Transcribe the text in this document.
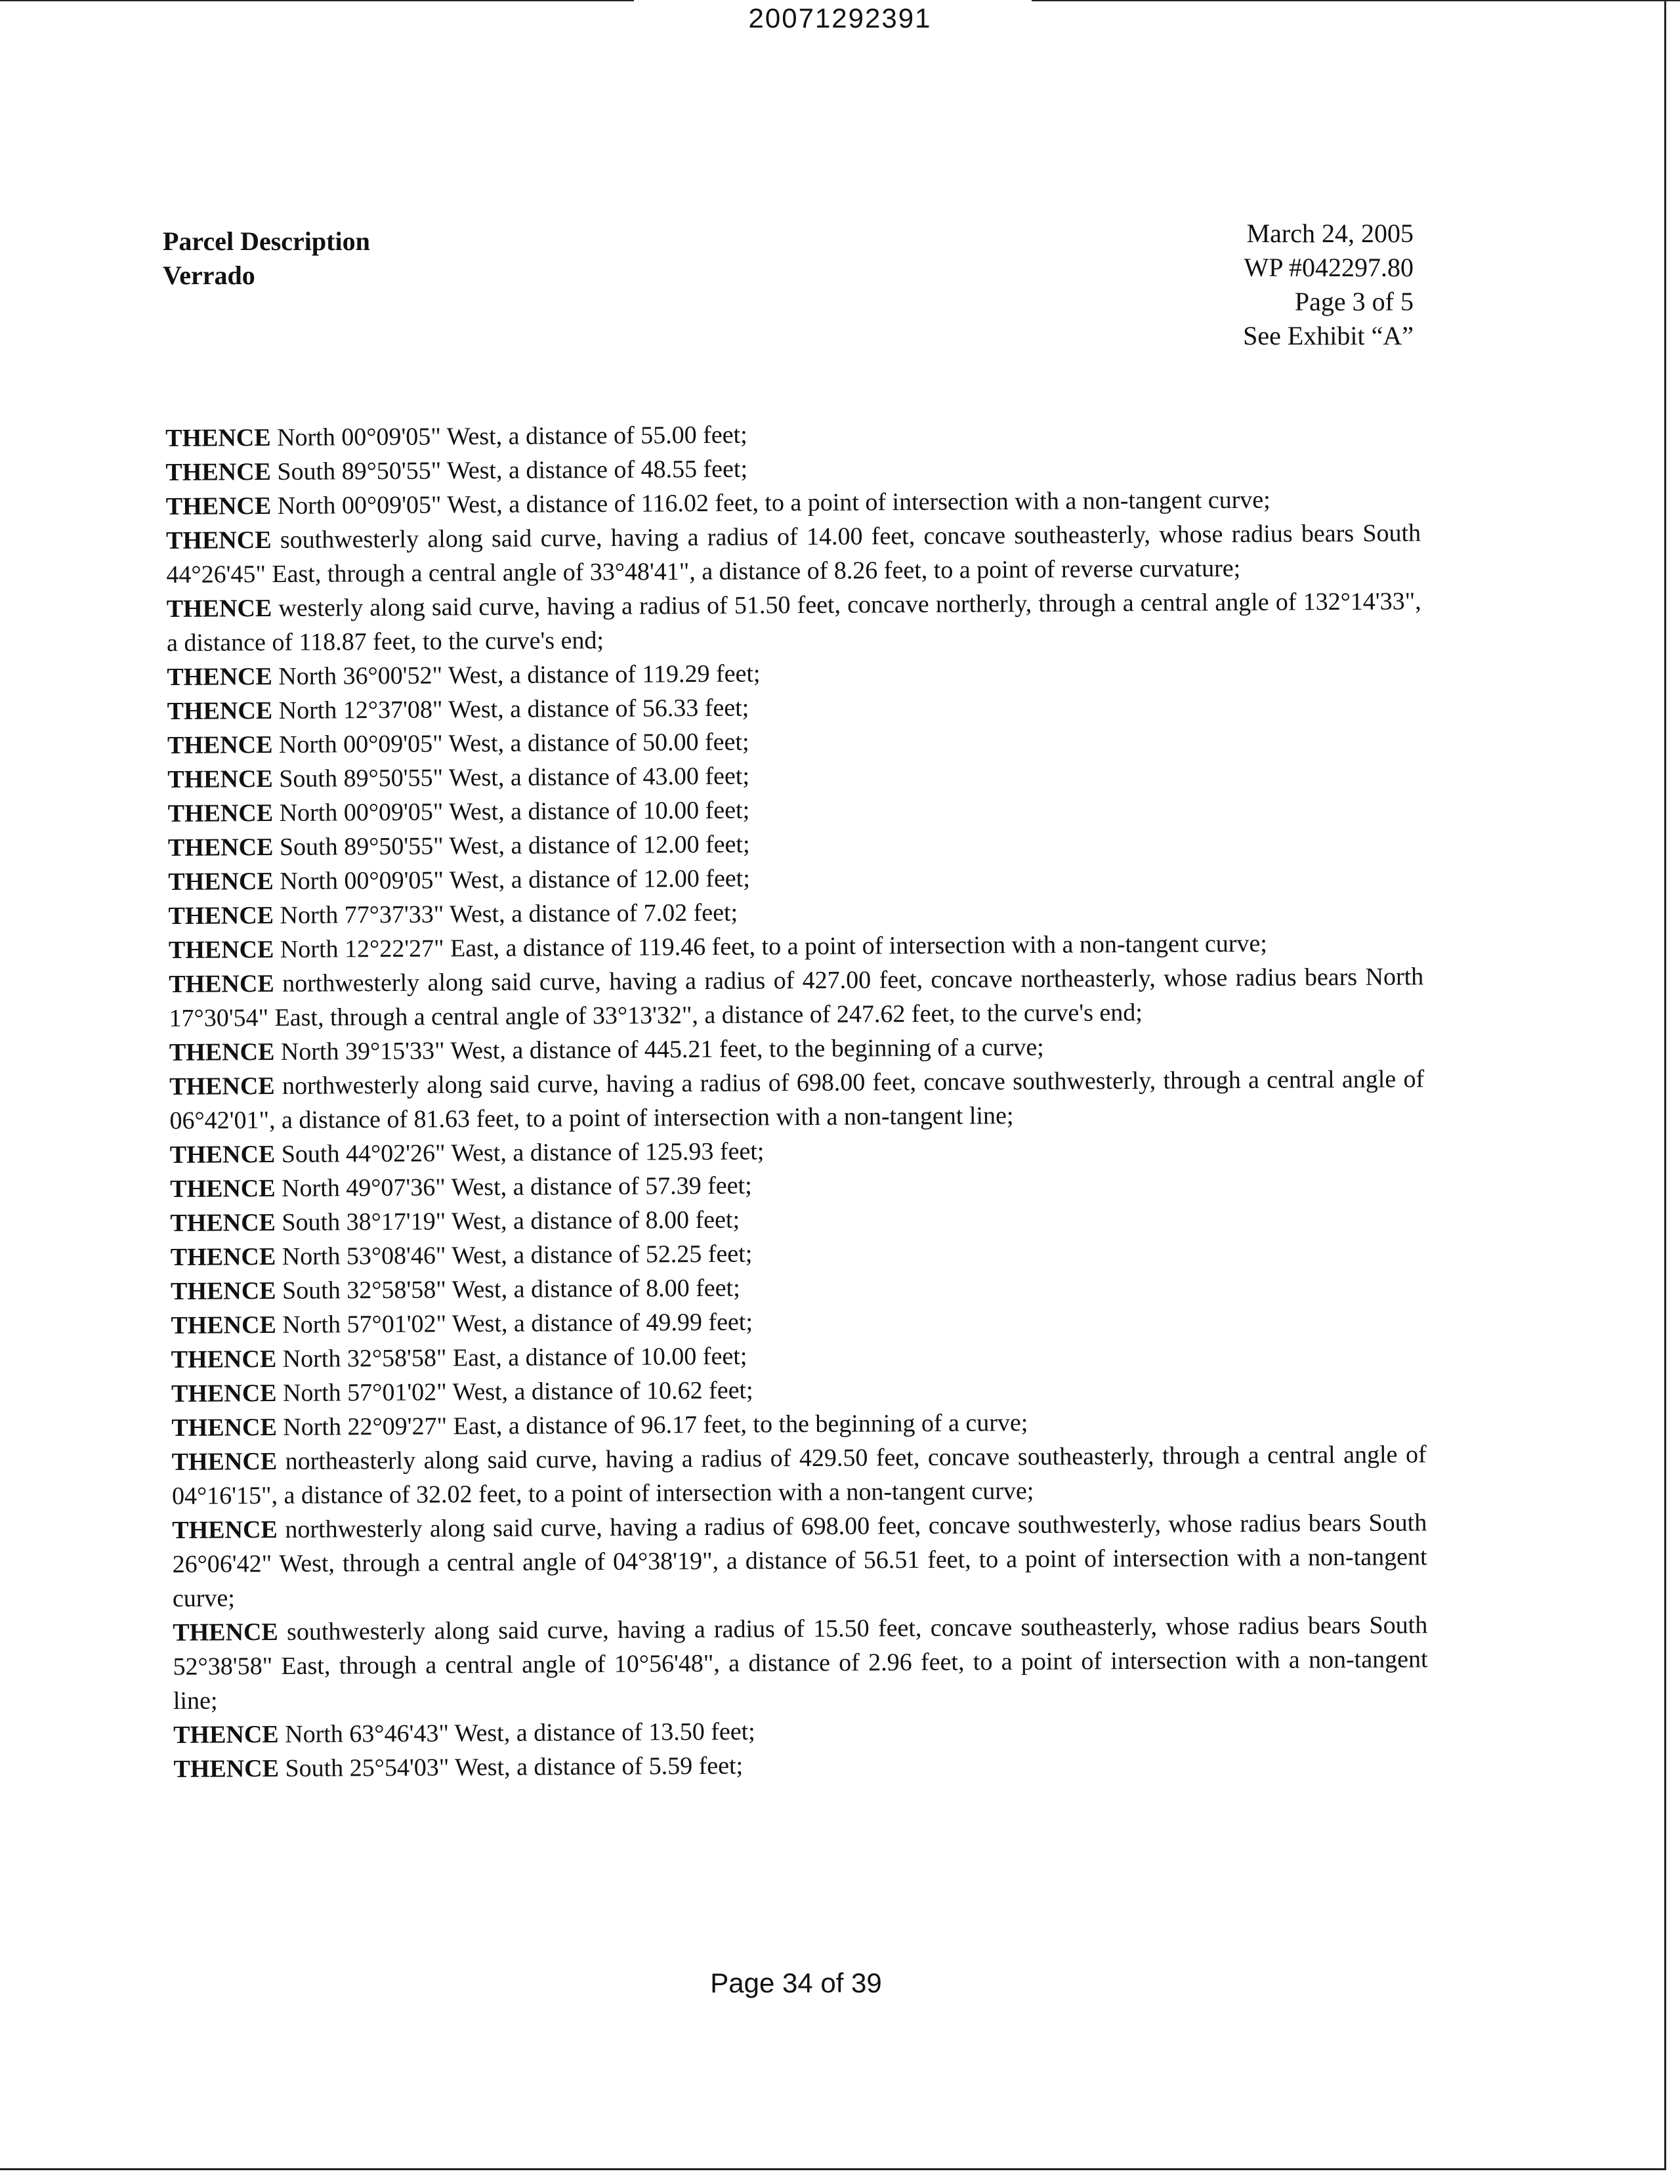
20071292391
Parcel Description
Verrado
March 24, 2005
WP #042297.80
Page 3 of 5
See Exhibit “A”

THENCE North 00°09'05" West, a distance of 55.00 feet;

THENCE South 89°50'55" West, a distance of 48.55 feet;

THENCE North 00°09'05" West, a distance of 116.02 feet, to a point of intersection with a non-tangent curve;

THENCE southwesterly along said curve, having a radius of 14.00 feet, concave southeasterly, whose radius bears South 44°26'45" East, through a central angle of 33°48'41", a distance of 8.26 feet, to a point of reverse curvature;

THENCE westerly along said curve, having a radius of 51.50 feet, concave northerly, through a central angle of 132°14'33", a distance of 118.87 feet, to the curve's end;

THENCE North 36°00'52" West, a distance of 119.29 feet;

THENCE North 12°37'08" West, a distance of 56.33 feet;

THENCE North 00°09'05" West, a distance of 50.00 feet;

THENCE South 89°50'55" West, a distance of 43.00 feet;

THENCE North 00°09'05" West, a distance of 10.00 feet;

THENCE South 89°50'55" West, a distance of 12.00 feet;

THENCE North 00°09'05" West, a distance of 12.00 feet;

THENCE North 77°37'33" West, a distance of 7.02 feet;

THENCE North 12°22'27" East, a distance of 119.46 feet, to a point of intersection with a non-tangent curve;

THENCE northwesterly along said curve, having a radius of 427.00 feet, concave northeasterly, whose radius bears North 17°30'54" East, through a central angle of 33°13'32", a distance of 247.62 feet, to the curve's end;

THENCE North 39°15'33" West, a distance of 445.21 feet, to the beginning of a curve;

THENCE northwesterly along said curve, having a radius of 698.00 feet, concave southwesterly, through a central angle of 06°42'01", a distance of 81.63 feet, to a point of intersection with a non-tangent line;

THENCE South 44°02'26" West, a distance of 125.93 feet;

THENCE North 49°07'36" West, a distance of 57.39 feet;

THENCE South 38°17'19" West, a distance of 8.00 feet;

THENCE North 53°08'46" West, a distance of 52.25 feet;

THENCE South 32°58'58" West, a distance of 8.00 feet;

THENCE North 57°01'02" West, a distance of 49.99 feet;

THENCE North 32°58'58" East, a distance of 10.00 feet;

THENCE North 57°01'02" West, a distance of 10.62 feet;

THENCE North 22°09'27" East, a distance of 96.17 feet, to the beginning of a curve;

THENCE northeasterly along said curve, having a radius of 429.50 feet, concave southeasterly, through a central angle of 04°16'15", a distance of 32.02 feet, to a point of intersection with a non-tangent curve;

THENCE northwesterly along said curve, having a radius of 698.00 feet, concave southwesterly, whose radius bears South 26°06'42" West, through a central angle of 04°38'19", a distance of 56.51 feet, to a point of intersection with a non-tangent curve;

THENCE southwesterly along said curve, having a radius of 15.50 feet, concave southeasterly, whose radius bears South 52°38'58" East, through a central angle of 10°56'48", a distance of 2.96 feet, to a point of intersection with a non-tangent line;

THENCE North 63°46'43" West, a distance of 13.50 feet;

THENCE South 25°54'03" West, a distance of 5.59 feet;

Page 34 of 39
